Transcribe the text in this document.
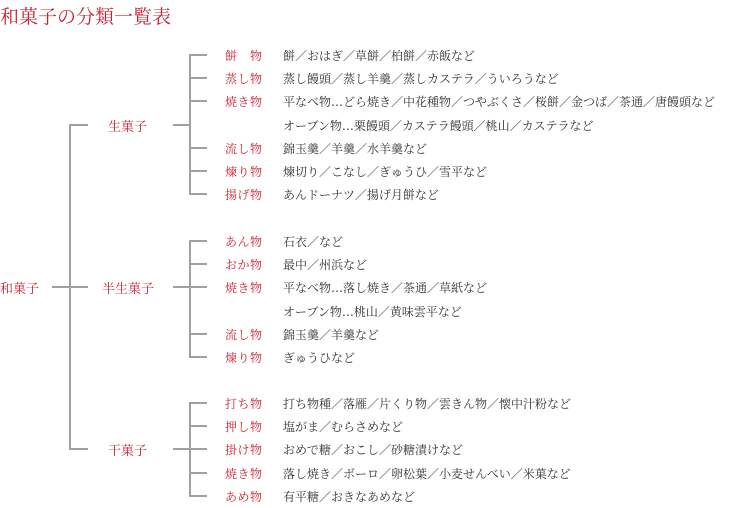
和菓子の分類一覧表
餅　物 餅／おはぎ／草餅／柏餅／赤飯など
蒸し物 蒸し饅頭／蒸し羊羹／蒸しカステラ／ういろうなど
焼き物 平なべ物…どら焼き／中花種物／つやぶくさ／桜餅／金つば／茶通／唐饅頭など
オーブン物…栗饅頭／カステラ饅頭／桃山／カステラなど
流し物 錦玉羹／羊羹／水羊羹など
煉り物 煉切り／こなし／ぎゅうひ／雪平など
揚げ物 あんドーナツ／揚げ月餅など
生菓子
あん物 石衣／など
おか物 最中／州浜など
焼き物 平なべ物…落し焼き／茶通／草紙など
オーブン物…桃山／黄味雲平など
流し物 錦玉羹／羊羹など
煉り物 ぎゅうひなど
半生菓子
打ち物 打ち物種／落雁／片くり物／雲きん物／懐中汁粉など
押し物 塩がま／むらさめなど
掛け物 おめで糖／おこし／砂糖漬けなど
焼き物 落し焼き／ボーロ／卵松葉／小麦せんべい／米菓など
あめ物 有平糖／おきなあめなど
干菓子
和菓子
